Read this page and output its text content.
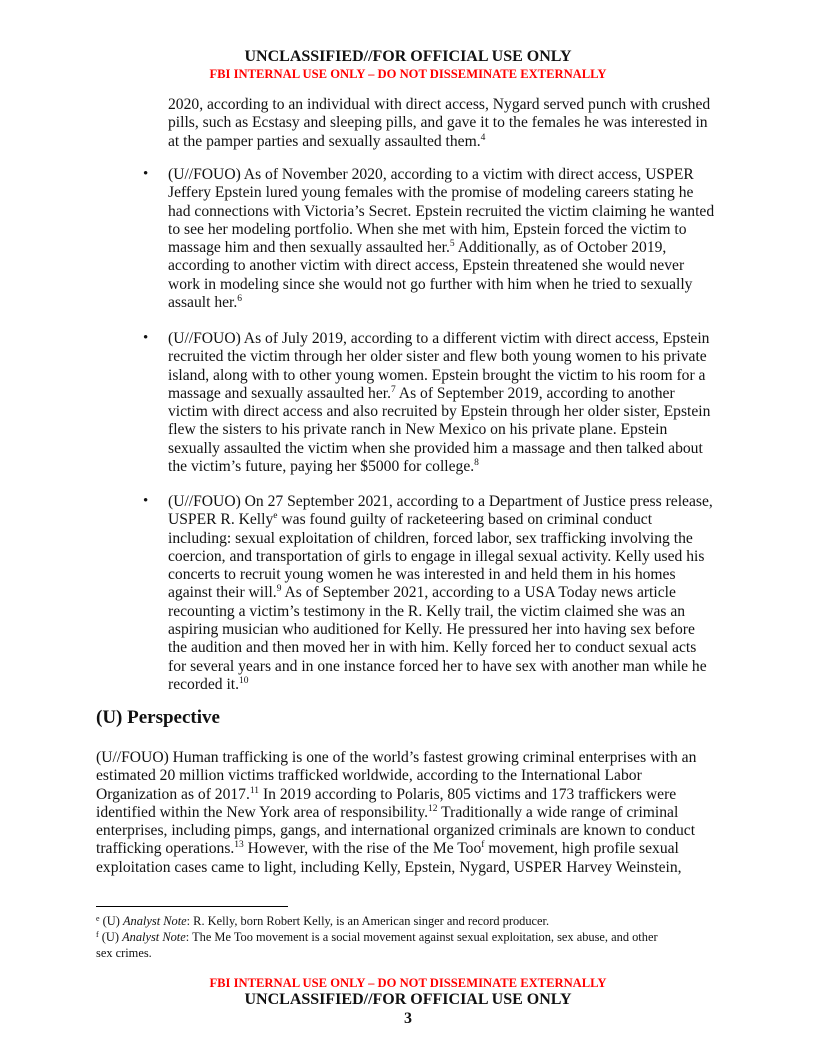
UNCLASSIFIED//FOR OFFICIAL USE ONLY
FBI INTERNAL USE ONLY – DO NOT DISSEMINATE EXTERNALLY
2020, according to an individual with direct access, Nygard served punch with crushed
pills, such as Ecstasy and sleeping pills, and gave it to the females he was interested in
at the pamper parties and sexually assaulted them.$^4$
• (U//FOUO) As of November 2020, according to a victim with direct access, USPER
Jeffery Epstein lured young females with the promise of modeling careers stating he
had connections with Victoria’s Secret. Epstein recruited the victim claiming he wanted
to see her modeling portfolio. When she met with him, Epstein forced the victim to
massage him and then sexually assaulted her.$^5$ Additionally, as of October 2019,
according to another victim with direct access, Epstein threatened she would never
work in modeling since she would not go further with him when he tried to sexually
assault her.$^6$
• (U//FOUO) As of July 2019, according to a different victim with direct access, Epstein
recruited the victim through her older sister and flew both young women to his private
island, along with to other young women. Epstein brought the victim to his room for a
massage and sexually assaulted her.$^7$ As of September 2019, according to another
victim with direct access and also recruited by Epstein through her older sister, Epstein
flew the sisters to his private ranch in New Mexico on his private plane. Epstein
sexually assaulted the victim when she provided him a massage and then talked about
the victim’s future, paying her $5000 for college.$^8$
• (U//FOUO) On 27 September 2021, according to a Department of Justice press release,
USPER R. Kelly$^e$ was found guilty of racketeering based on criminal conduct
including: sexual exploitation of children, forced labor, sex trafficking involving the
coercion, and transportation of girls to engage in illegal sexual activity. Kelly used his
concerts to recruit young women he was interested in and held them in his homes
against their will.$^9$ As of September 2021, according to a USA Today news article
recounting a victim’s testimony in the R. Kelly trail, the victim claimed she was an
aspiring musician who auditioned for Kelly. He pressured her into having sex before
the audition and then moved her in with him. Kelly forced her to conduct sexual acts
for several years and in one instance forced her to have sex with another man while he
recorded it.$^{10}$
(U) Perspective
(U//FOUO) Human trafficking is one of the world’s fastest growing criminal enterprises with an
estimated 20 million victims trafficked worldwide, according to the International Labor
Organization as of 2017.11 In 2019 according to Polaris, 805 victims and 173 traffickers were
identified within the New York area of responsibility.$^{12}$ Traditionally a wide range of criminal
enterprises, including pimps, gangs, and international organized criminals are known to conduct
trafficking operations.$^{13}$ However, with the rise of the Me Too$^f$ movement, high profile sexual
exploitation cases came to light, including Kelly, Epstein, Nygard, USPER Harvey Weinstein,
$^e$ (U) Analyst Note: R. Kelly, born Robert Kelly, is an American singer and record producer.
$^f$ (U) Analyst Note: The Me Too movement is a social movement against sexual exploitation, sex abuse, and other
sex crimes.
FBI INTERNAL USE ONLY – DO NOT DISSEMINATE EXTERNALLY
UNCLASSIFIED//FOR OFFICIAL USE ONLY
3
